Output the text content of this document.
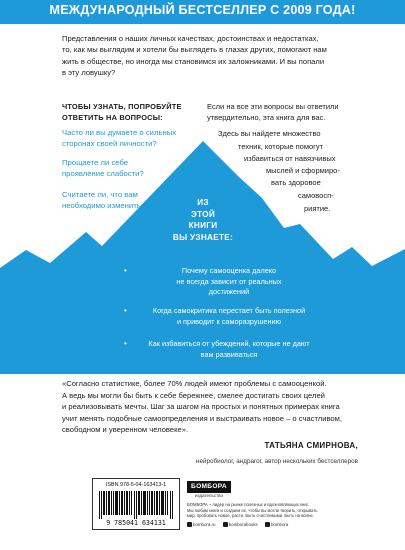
МЕЖДУНАРОДНЫЙ БЕСТСЕЛЛЕР С 2009 ГОДА!
Представления о наших личных качествах, достоинствах и недостатках,
то, как мы выглядим и хотели бы выглядеть в глазах других, помогают нам
жить в обществе, но иногда мы становимся их заложниками. И вы попали
в эту ловушку?
ЧТОБЫ УЗНАТЬ, ПОПРОБУЙТЕ
ОТВЕТИТЬ НА ВОПРОСЫ:
Часто ли вы думаете о сильных
сторонах своей личности?
Прощаете ли себе
проявление слабости?
Считаете ли, что вам
необходимо измениться?
Если на все эти вопросы вы ответили
утвердительно, эта книга для вас.
Здесь вы найдете множество
техник, которые помогут
избавиться от навязчивых
мыслей и сформиро-
вать здоровое
самовосп-
риятие.
ИЗ
ЭТОЙ
КНИГИ
ВЫ УЗНАЕТЕ:
•	Почему самооценка далеко
не всегда зависит от реальных
достижений
•	Когда самокритика перестает быть полезной
и приводит к саморазрушению
•	Как избавиться от убеждений, которые не дают
вам развиваться
«Согласно статистике, более 70% людей имеют проблемы с самооценкой.
А ведь мы могли бы быть к себе бережнее, смелее достигать своих целей
и реализовывать мечты. Шаг за шагом на простых и понятных примерах книга
учит менять подобные самоопределения и выстраивать новое – о счастливом,
свободном и уверенном человеке».
ТАТЬЯНА СМИРНОВА,
нейробиолог, андрагог, автор нескольких бестселлеров
ISBN 978-5-04-163413-1
9 785041 634131
БОМБОРА
издательство
БОМБОРА – лидер на рынке полезных и вдохновляющих книг.
Мы любим книги и создаем их, чтобы вы могли творить, открывать
мир, пробовать новое, расти. Быть счастливыми. Быть на волне.
bombora.ru	bomborabooks	bombora
